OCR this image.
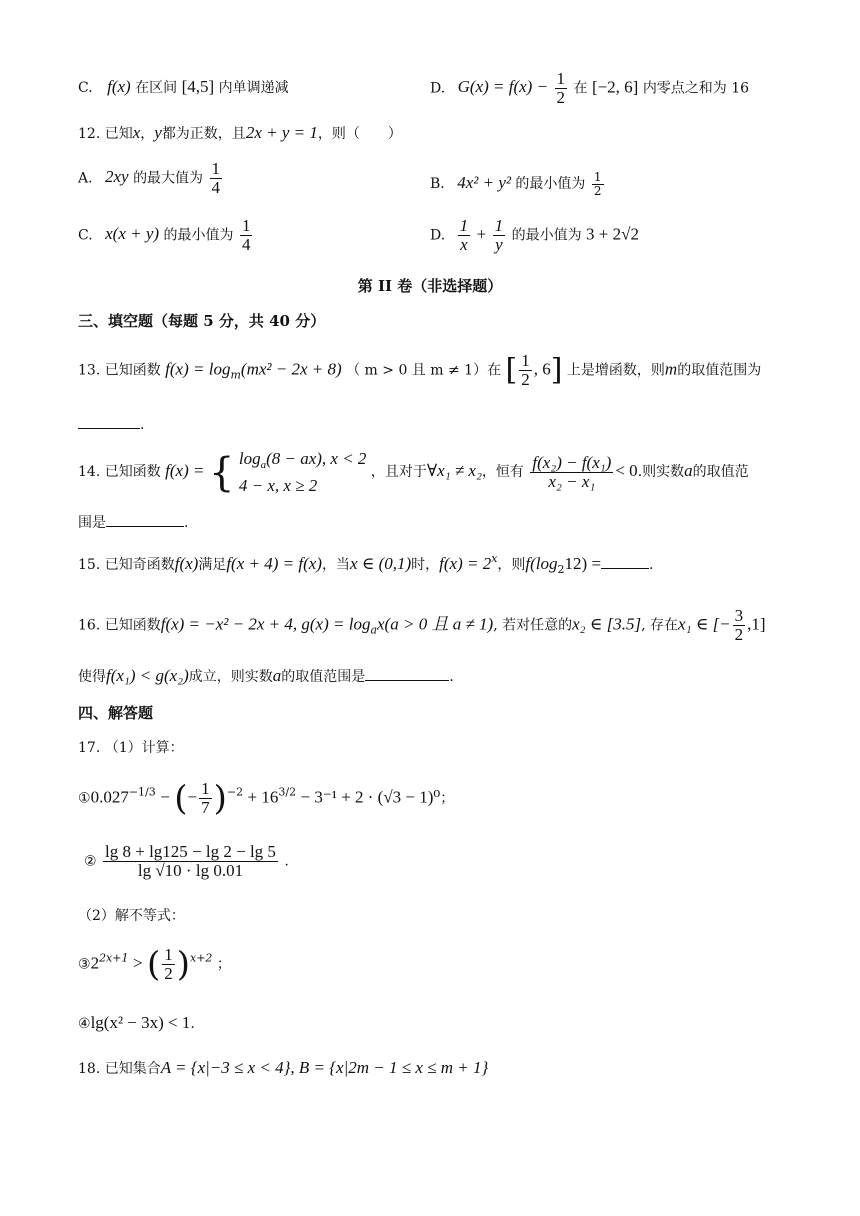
C. f(x) 在区间 [4,5] 内单调递减	D. $G(x) = f(x) - \frac{1}{2}$ 在 [−2, 6] 内零点之和为 16
12. 已知x，y都为正数，且2x + y = 1，则（　　）
A. 2xy 的最大值为 $\frac{1}{4}$	B. 4x² + y² 的最小值为 $\frac{1}{2}$
C. x(x + y) 的最小值为 $\frac{1}{4}$	D. $\frac{1}{x} + \frac{1}{y}$ 的最小值为 3 + 2√2
第 II 卷（非选择题）
三、填空题（每题 5 分，共 40 分）
13. 已知函数 $f(x) = \log_m(mx^2 - 2x + 8)$ （ m > 0 且 m ≠ 1）在 [ $\frac{1}{2}$ , 6] 上是增函数，则m的取值范围为
.
14. 已知函数 f(x) = { $\log_a(8 - ax)$, x < 2
4 − x, x ≥ 2
，且对于∀x₁ ≠ x₂，恒有 $\frac{\text{f(x₂) − f(x₁)}}{\text{x₂ − x₁}} < 0$.则实数a的取值范
围是	.
15. 已知奇函数f(x)满足f(x + 4) = f(x)，当x ∈ (0,1)时，$f(x) = 2^x$，则$f(\log_212)$ =	.
16. 已知函数f(x) = −x² − 2x + 4, $g(x) = \log_ax(a > 0$ 且 a ≠ 1), 若对任意的x₂ ∈ [3.5], 存在x₁ ∈ [− $\frac{3}{2} ,1$]
使得f(x₁) < g(x₂)成立，则实数a的取值范围是	.
四、解答题
17. （1）计算：
$①0.027^{-1/3}$ − (− $\frac{1}{7} )^{-2} + 16^{3/2} - 3^{-1} + 2 \cdot (√3 - 1)^0$；
② $\frac{\lg 8 + \lg 125 - \lg 2 - \lg 5}{\lg √10 \cdot \lg 0.01}$ .
（2）解不等式：
$③2^{2x+1}$ > ( $\frac{1}{2} )^{x+2}$ ；
④lg(x² − 3x) < 1.
18. 已知集合A = {x|−3 ≤ x < 4}, B = {x|2m − 1 ≤ x ≤ m + 1}
